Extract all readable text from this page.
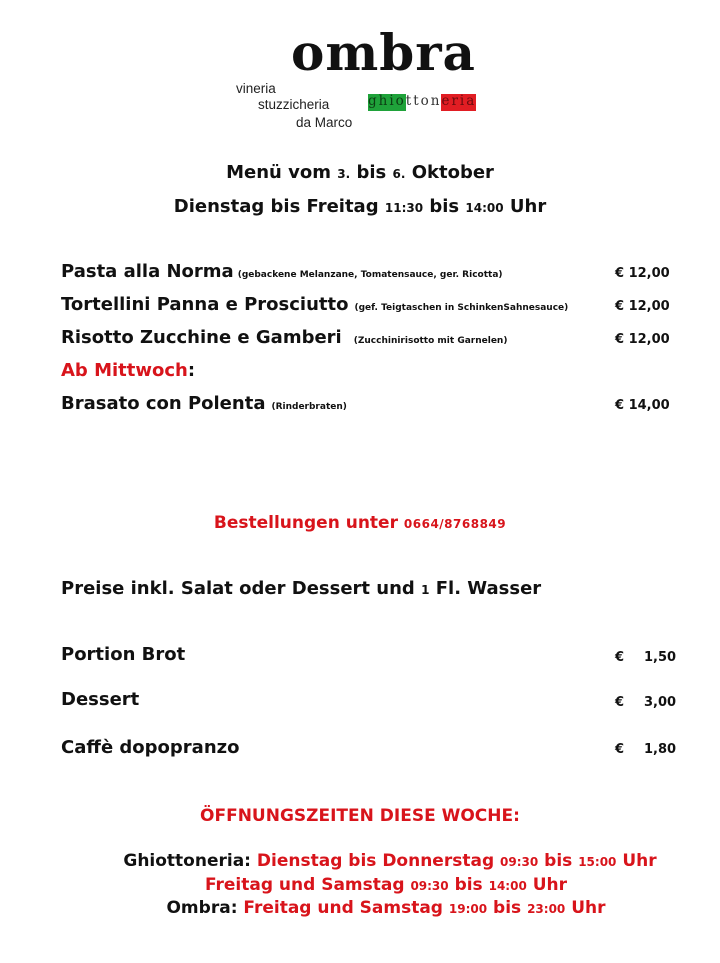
ombra
vineria
stuzzicheria
da Marco
ghio tton eria
Menü vom 3. bis 6. Oktober
Dienstag bis Freitag 11:30 bis 14:00 Uhr
Pasta alla Norma (gebackene Melanzane, Tomatensauce, ger. Ricotta)	€ 12,00
Tortellini Panna e Prosciutto (gef. Teigtaschen in SchinkenSahnesauce)	€ 12,00
Risotto Zucchine e Gamberi (Zucchinirisotto mit Garnelen)	€ 12,00
Ab Mittwoch:
Brasato con Polenta (Rinderbraten)	€ 14,00
Bestellungen unter 0664/8768849
Preise inkl. Salat oder Dessert und 1 Fl. Wasser
Portion Brot	€ 1,50
Dessert	€ 3,00
Caffè dopopranzo	€ 1,80
ÖFFNUNGSZEITEN DIESE WOCHE:
Ghiottoneria: Dienstag bis Donnerstag 09:30 bis 15:00 Uhr
Freitag und Samstag 09:30 bis 14:00 Uhr
Ombra: Freitag und Samstag 19:00 bis 23:00 Uhr
